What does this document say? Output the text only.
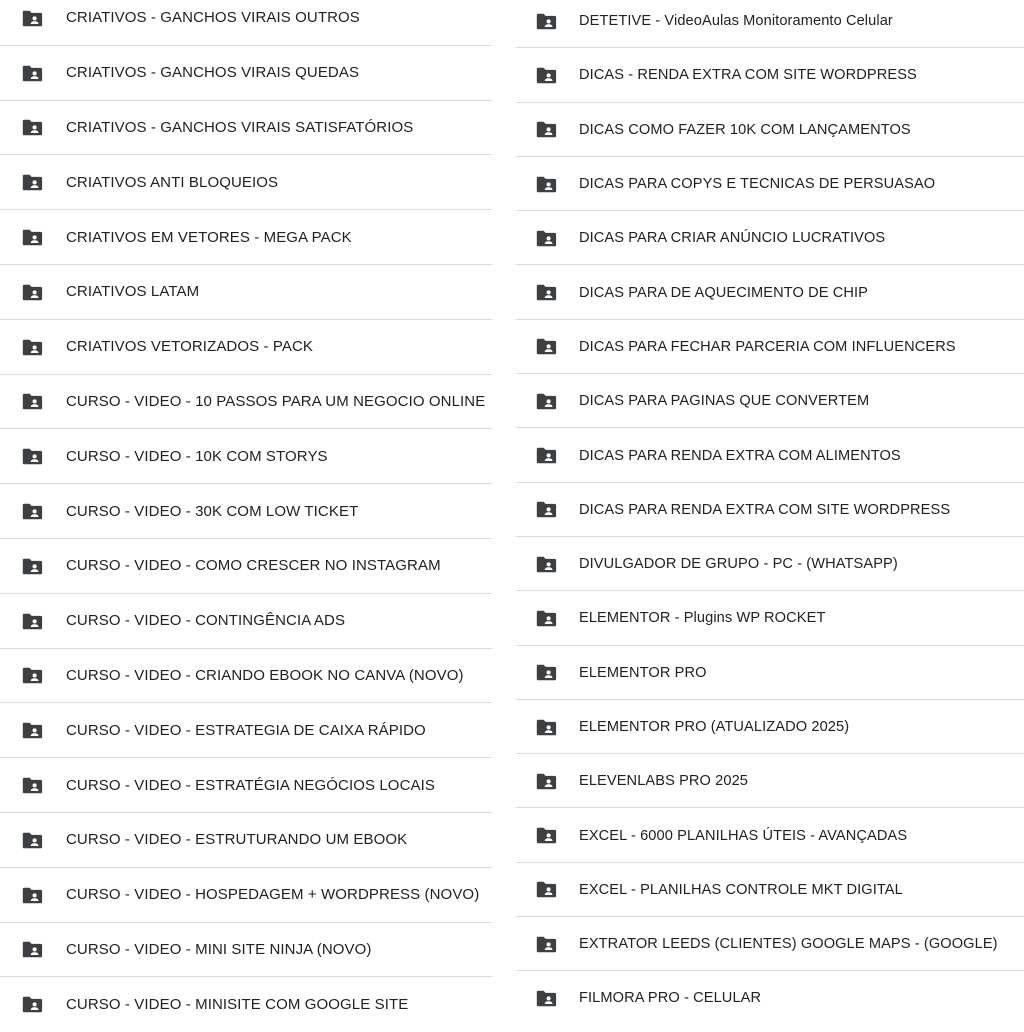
CRIATIVOS - GANCHOS VIRAIS OUTROS
CRIATIVOS - GANCHOS VIRAIS QUEDAS
CRIATIVOS - GANCHOS VIRAIS SATISFATÓRIOS
CRIATIVOS ANTI BLOQUEIOS
CRIATIVOS EM VETORES - MEGA PACK
CRIATIVOS LATAM
CRIATIVOS VETORIZADOS - PACK
CURSO - VIDEO - 10 PASSOS PARA UM NEGOCIO ONLINE
CURSO - VIDEO - 10K COM STORYS
CURSO - VIDEO - 30K COM LOW TICKET
CURSO - VIDEO - COMO CRESCER NO INSTAGRAM
CURSO - VIDEO - CONTINGÊNCIA ADS
CURSO - VIDEO - CRIANDO EBOOK NO CANVA (NOVO)
CURSO - VIDEO - ESTRATEGIA DE CAIXA RÁPIDO
CURSO - VIDEO - ESTRATÉGIA NEGÓCIOS LOCAIS
CURSO - VIDEO - ESTRUTURANDO UM EBOOK
CURSO - VIDEO - HOSPEDAGEM + WORDPRESS (NOVO)
CURSO - VIDEO - MINI SITE NINJA (NOVO)
CURSO - VIDEO - MINISITE COM GOOGLE SITE
DETETIVE - VideoAulas Monitoramento Celular
DICAS - RENDA EXTRA COM SITE WORDPRESS
DICAS COMO FAZER 10K COM LANÇAMENTOS
DICAS PARA COPYS E TECNICAS DE PERSUASAO
DICAS PARA CRIAR ANÚNCIO LUCRATIVOS
DICAS PARA DE AQUECIMENTO DE CHIP
DICAS PARA FECHAR PARCERIA COM INFLUENCERS
DICAS PARA PAGINAS QUE CONVERTEM
DICAS PARA RENDA EXTRA COM ALIMENTOS
DICAS PARA RENDA EXTRA COM SITE WORDPRESS
DIVULGADOR DE GRUPO - PC - (WHATSAPP)
ELEMENTOR - Plugins WP ROCKET
ELEMENTOR PRO
ELEMENTOR PRO (ATUALIZADO 2025)
ELEVENLABS PRO 2025
EXCEL - 6000 PLANILHAS ÚTEIS - AVANÇADAS
EXCEL - PLANILHAS CONTROLE MKT DIGITAL
EXTRATOR LEEDS (CLIENTES) GOOGLE MAPS - (GOOGLE)
FILMORA PRO - CELULAR
